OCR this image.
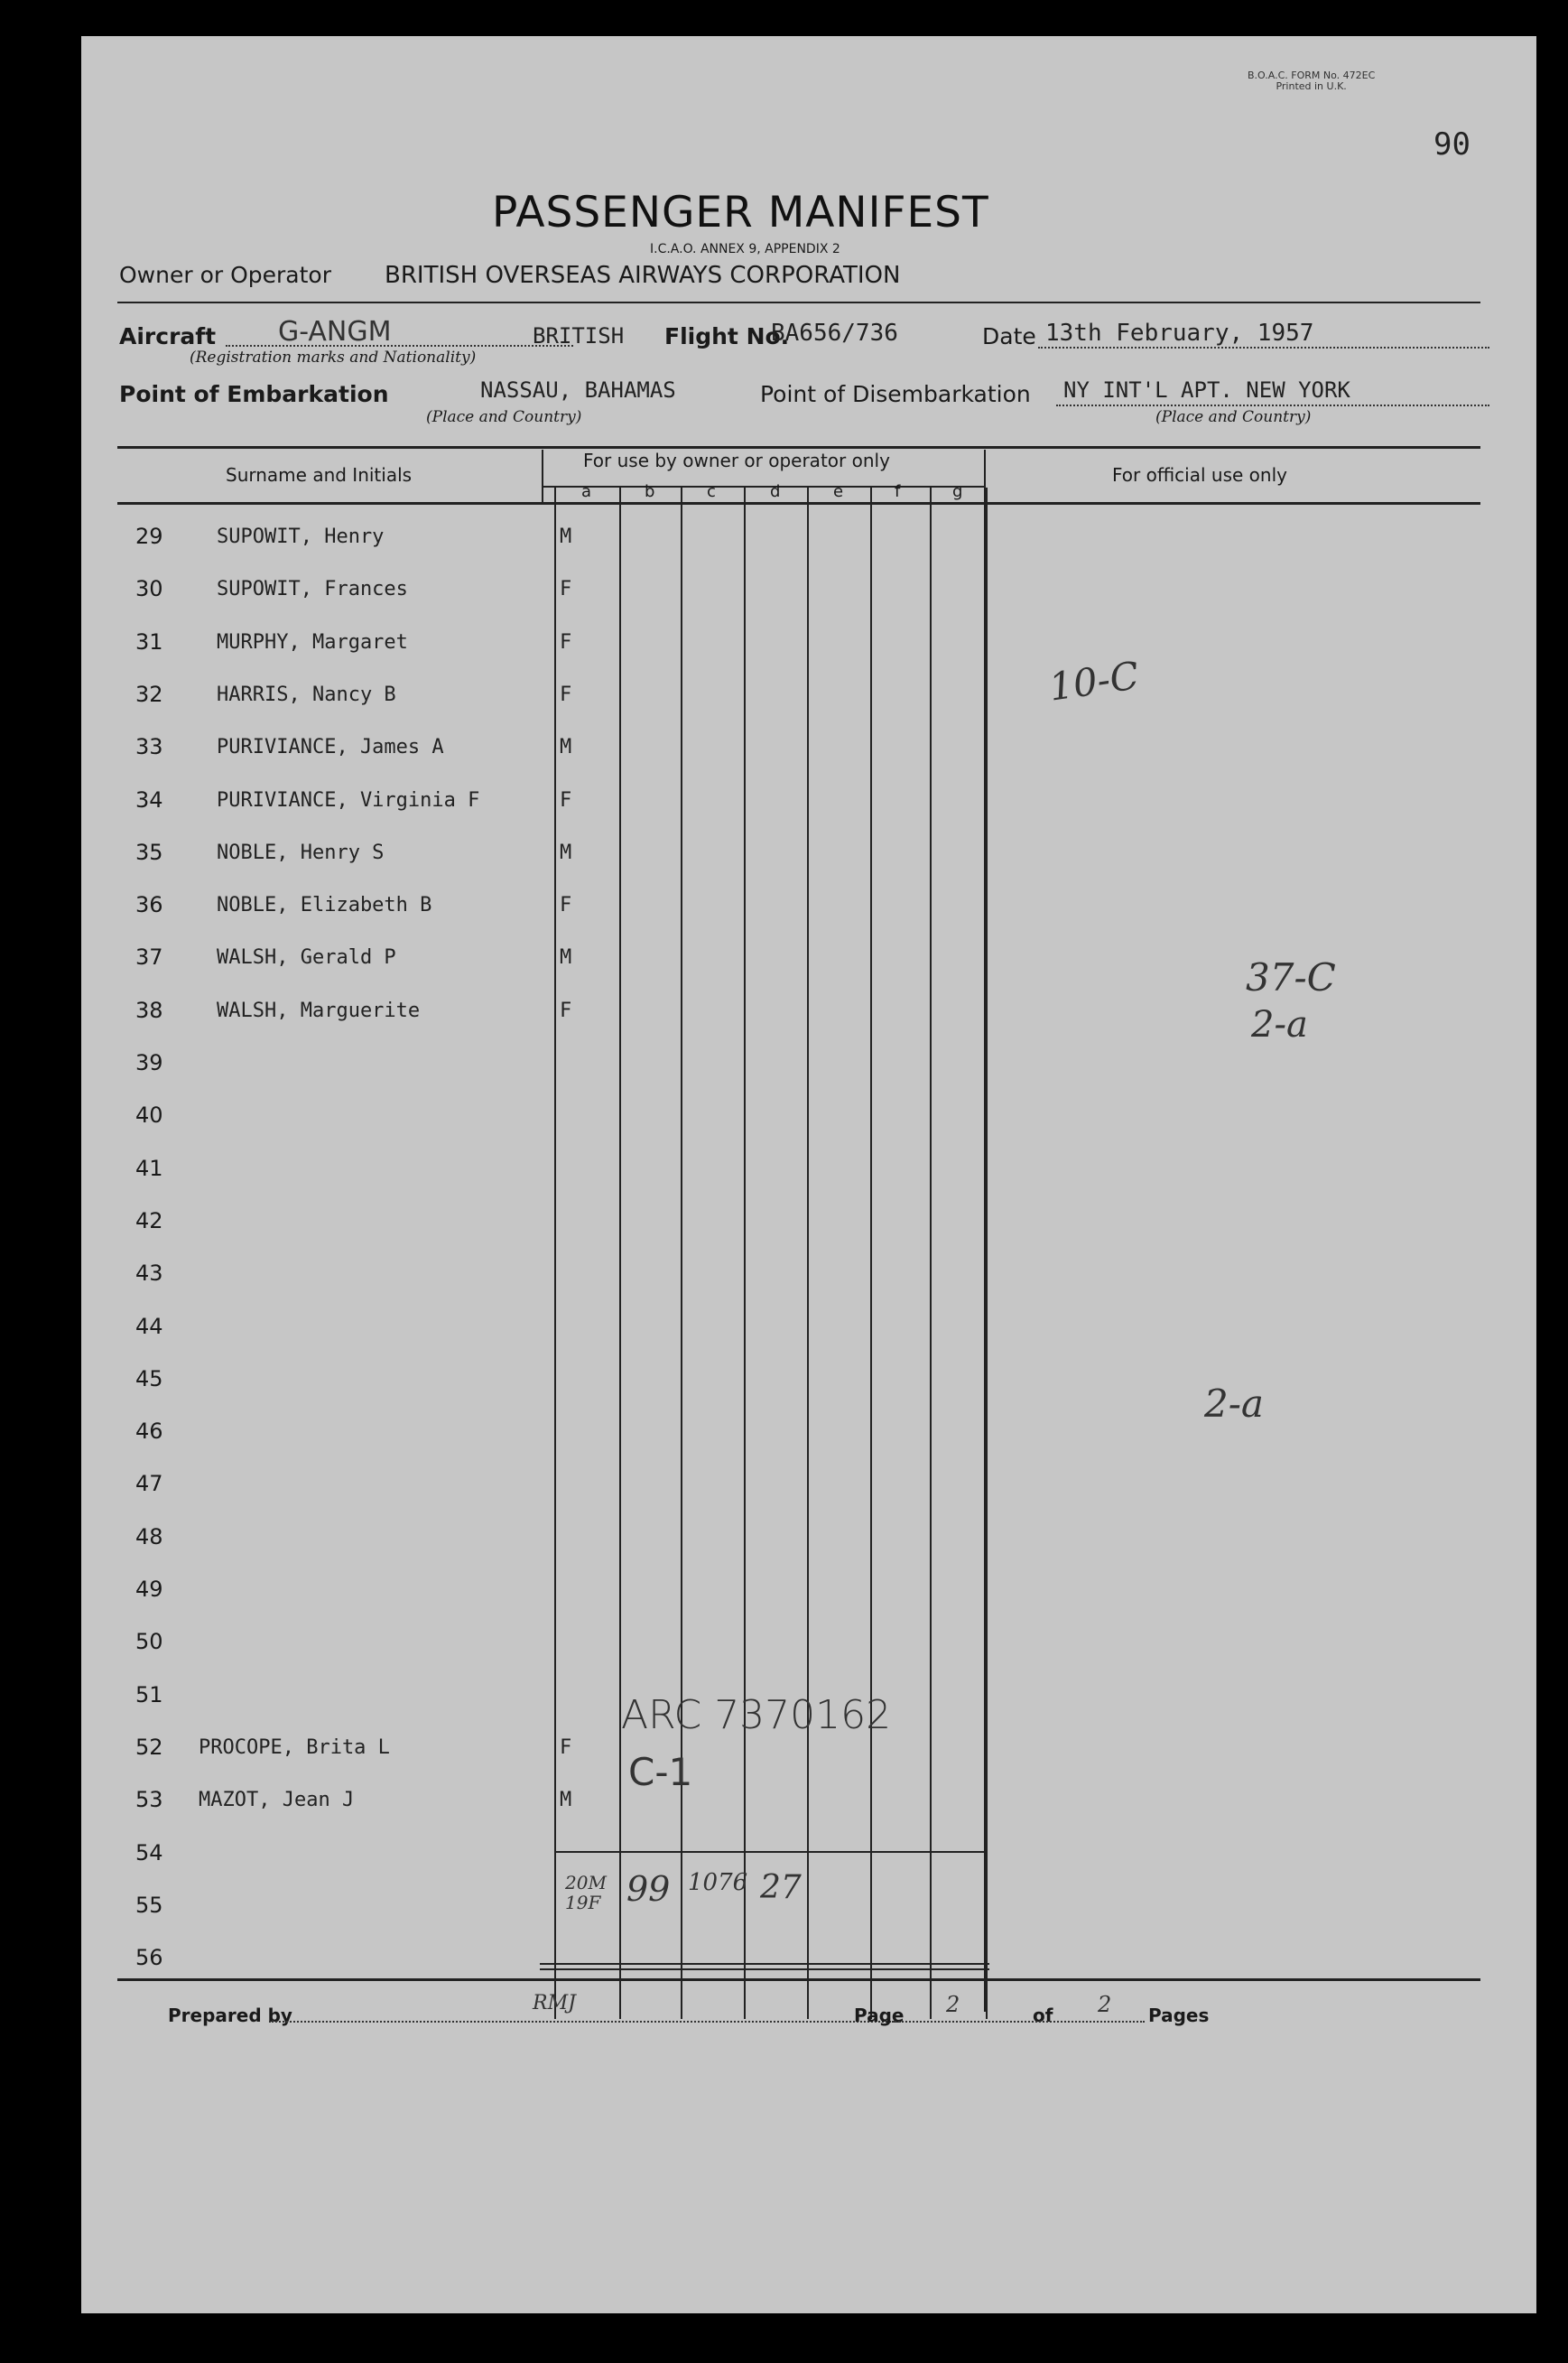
B.O.A.C. FORM No. 472EC
Printed in U.K.
90
PASSENGER MANIFEST
I.C.A.O. ANNEX 9, APPENDIX 2
Owner or Operator BRITISH OVERSEAS AIRWAYS CORPORATION
Aircraft G-ANGM	BRITISH
(Registration marks and Nationality)
Flight No.
BA656/736	Date 13th February, 1957
Point of Embarkation	NASSAU, BAHAMAS
(Place and Country)
Point of Disembarkation NY INT'L APT. NEW YORK
(Place and Country)
Surname and Initials
For use by owner or operator only
For official use only
a	b	c	d	e	f	g
29	SUPOWIT, Henry	M
30	SUPOWIT, Frances	F
31	MURPHY, Margaret	F
32	HARRIS, Nancy B	F
33	PURIVIANCE, James A	M
34	PURIVIANCE, Virginia F	F
35	NOBLE, Henry S	M
36	NOBLE, Elizabeth B	F
37	WALSH, Gerald P	M
38	WALSH, Marguerite	F
39
40
41
42
43
44
45
46
47
48
49
50
51
52 PROCOPE, Brita L	F
53 MAZOT, Jean J	M
54
55
56
10-C
37-C
2-a
2-a
ARC 7370162
C-1
20M
19F 99 1076 27
Prepared by
RMJ
Page 2	of 2 Pages
